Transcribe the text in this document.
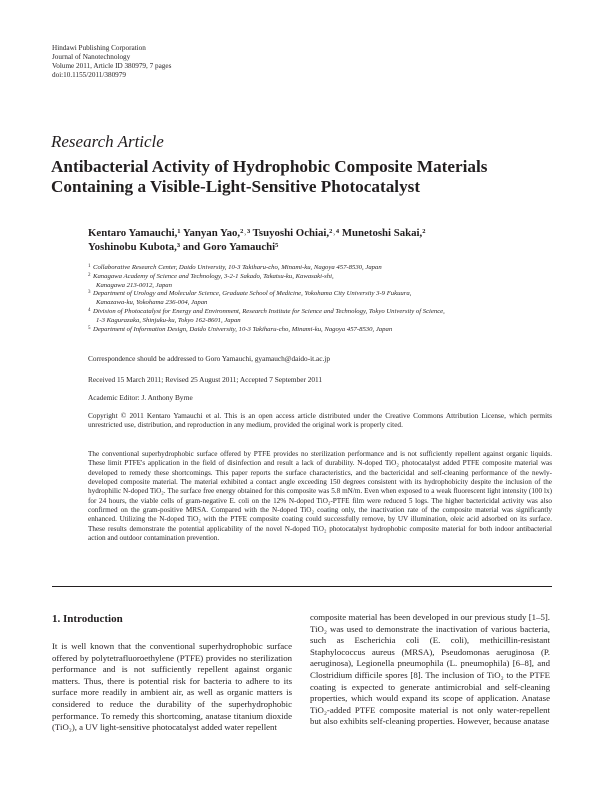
Hindawi Publishing Corporation
Journal of Nanotechnology
Volume 2011, Article ID 380979, 7 pages
doi:10.1155/2011/380979
Research Article
Antibacterial Activity of Hydrophobic Composite Materials
Containing a Visible-Light-Sensitive Photocatalyst
Kentaro Yamauchi,¹ Yanyan Yao,²˒³ Tsuyoshi Ochiai,²˒⁴ Munetoshi Sakai,²
Yoshinobu Kubota,³ and Goro Yamauchi⁵
1 Collaborative Research Center, Daido University, 10-3 Takiharu-cho, Minami-ku, Nagoya 457-8530, Japan
2 Kanagawa Academy of Science and Technology, 3-2-1 Sakado, Takatsu-ku, Kawasaki-shi,
Kanagawa 213-0012, Japan
3 Department of Urology and Molecular Science, Graduate School of Medicine, Yokohama City University 3-9 Fukuura,
Kanazawa-ku, Yokohama 236-004, Japan
4 Division of Photocatalyst for Energy and Environment, Research Institute for Science and Technology, Tokyo University of Science,
1-3 Kagurazaka, Shinjuku-ku, Tokyo 162-8601, Japan
5 Department of Information Design, Daido University, 10-3 Takiharu-cho, Minami-ku, Nagoya 457-8530, Japan
Correspondence should be addressed to Goro Yamauchi, gyamauch@daido-it.ac.jp
Received 15 March 2011; Revised 25 August 2011; Accepted 7 September 2011
Academic Editor: J. Anthony Byrne
Copyright © 2011 Kentaro Yamauchi et al. This is an open access article distributed under the Creative Commons Attribution License, which permits unrestricted use, distribution, and reproduction in any medium, provided the original work is properly cited.
The conventional superhydrophobic surface offered by PTFE provides no sterilization performance and is not sufficiently repellent against organic liquids. These limit PTFE's application in the field of disinfection and result a lack of durability. N-doped TiO₂ photocatalyst added PTFE composite material was developed to remedy these shortcomings. This paper reports the surface characteristics, and the bactericidal and self-cleaning performance of the newly-developed composite material. The material exhibited a contact angle exceeding 150 degrees consistent with its hydrophobicity despite the inclusion of the hydrophilic N-doped TiO₂. The surface free energy obtained for this composite was 5.8 mN/m. Even when exposed to a weak fluorescent light intensity (100 lx) for 24 hours, the viable cells of gram-negative E. coli on the 12% N-doped TiO₂-PTFE film were reduced 5 logs. The higher bactericidal activity was also confirmed on the gram-positive MRSA. Compared with the N-doped TiO₂ coating only, the inactivation rate of the composite material was significantly enhanced. Utilizing the N-doped TiO₂ with the PTFE composite coating could successfully remove, by UV illumination, oleic acid adsorbed on its surface. These results demonstrate the potential applicability of the novel N-doped TiO₂ photocatalyst hydrophobic composite material for both indoor antibacterial action and outdoor contamination prevention.
1. Introduction

It is well known that the conventional superhydrophobic surface offered by polytetrafluoroethylene (PTFE) provides no sterilization performance and is not sufficiently repellent against organic matters. Thus, there is potential risk for bacteria to adhere to its surface more readily in ambient air, as well as organic matters is considered to reduce the durability of the superhydrophobic performance. To remedy this shortcoming, anatase titanium dioxide (TiO₂), a UV light-sensitive photocatalyst added water repellent

composite material has been developed in our previous study [1–5]. TiO₂ was used to demonstrate the inactivation of various bacteria, such as Escherichia coli (E. coli), methicillin-resistant Staphylococcus aureus (MRSA), Pseudomonas aeruginosa (P. aeruginosa), Legionella pneumophila (L. pneumophila) [6–8], and Clostridium difficile spores [8]. The inclusion of TiO₂ to the PTFE coating is expected to generate antimicrobial and self-cleaning properties, which would expand its scope of application. Anatase TiO₂-added PTFE composite material is not only water-repellent but also exhibits self-cleaning properties. However, because anatase
